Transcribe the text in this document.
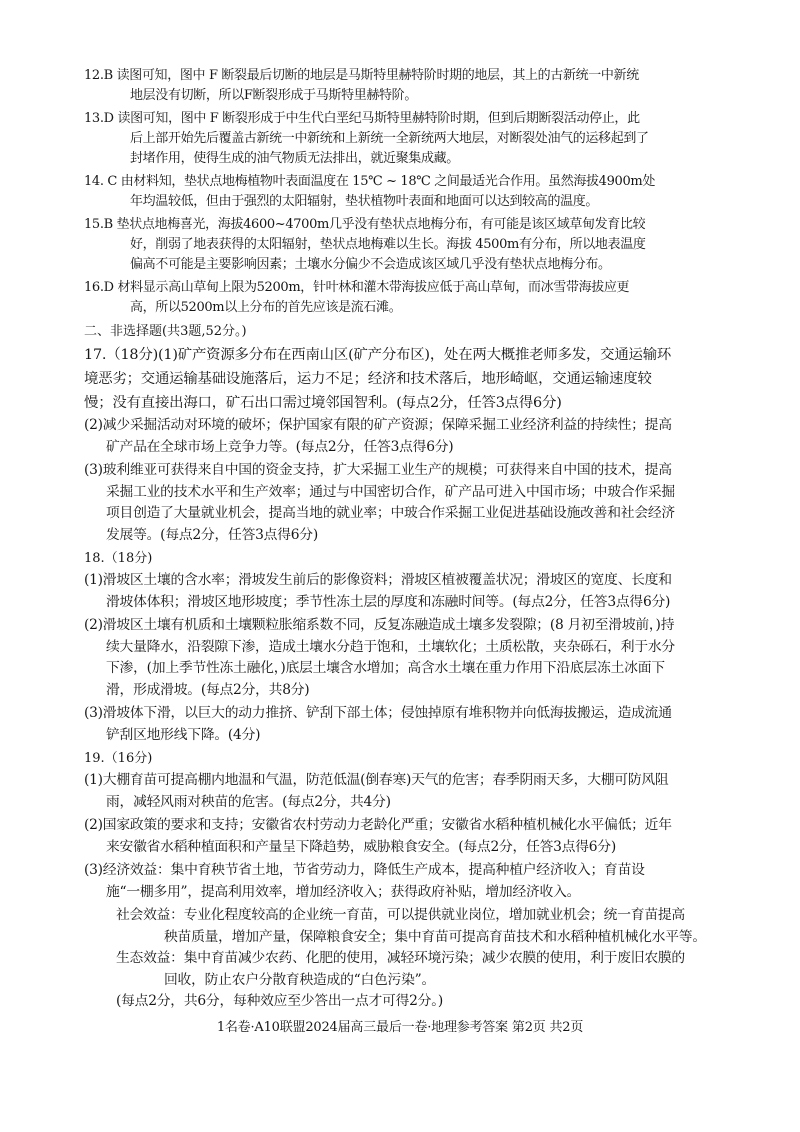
12.B 读图可知，图中 F 断裂最后切断的地层是马斯特里赫特阶时期的地层，其上的古新统一中新统
地层没有切断，所以F断裂形成于马斯特里赫特阶。
13.D 读图可知，图中 F 断裂形成于中生代白垩纪马斯特里赫特阶时期，但到后期断裂活动停止，此
后上部开始先后覆盖古新统一中新统和上新统一全新统两大地层，对断裂处油气的运移起到了
封堵作用，使得生成的油气物质无法排出，就近聚集成藏。
14. C 由材料知，垫状点地梅植物叶表面温度在 15℃ ~ 18℃ 之间最适光合作用。虽然海拔4900m处
年均温较低，但由于强烈的太阳辐射，垫状植物叶表面和地面可以达到较高的温度。
15.B 垫状点地梅喜光，海拔4600~4700m几乎没有垫状点地梅分布，有可能是该区域草甸发育比较
好，削弱了地表获得的太阳辐射，垫状点地梅难以生长。海拔 4500m有分布，所以地表温度
偏高不可能是主要影响因素；土壤水分偏少不会造成该区域几乎没有垫状点地梅分布。
16.D 材料显示高山草甸上限为5200m，针叶林和灌木带海拔应低于高山草甸，而冰雪带海拔应更
高，所以5200m以上分布的首先应该是流石滩。
二、非选择题(共3题,52分。)
17.（18分)(1)矿产资源多分布在西南山区(矿产分布区)，处在两大概推老师多发，交通运输环
境恶劣；交通运输基础设施落后，运力不足；经济和技术落后，地形崎岖，交通运输速度较
慢；没有直接出海口，矿石出口需过境邻国智利。(每点2分，任答3点得6分)
(2)减少采掘活动对环境的破坏；保护国家有限的矿产资源；保障采掘工业经济利益的持续性；提高
矿产品在全球市场上竞争力等。(每点2分，任答3点得6分)
(3)玻利维亚可获得来自中国的资金支持，扩大采掘工业生产的规模；可获得来自中国的技术，提高
采掘工业的技术水平和生产效率；通过与中国密切合作，矿产品可进入中国市场；中玻合作采掘
项目创造了大量就业机会，提高当地的就业率；中玻合作采掘工业促进基础设施改善和社会经济
发展等。(每点2分，任答3点得6分)
18.（18分)
(1)滑坡区土壤的含水率；滑坡发生前后的影像资料；滑坡区植被覆盖状况；滑坡区的宽度、长度和
滑坡体体积；滑坡区地形坡度；季节性冻土层的厚度和冻融时间等。(每点2分，任答3点得6分)
(2)滑坡区土壤有机质和土壤颗粒胀缩系数不同，反复冻融造成土壤多发裂隙；(8 月初至滑坡前，)持
续大量降水，沿裂隙下渗，造成土壤水分趋于饱和，土壤软化；土质松散，夹杂砾石，利于水分
下渗，(加上季节性冻土融化，)底层土壤含水增加；高含水土壤在重力作用下沿底层冻土冰面下
滑，形成滑坡。(每点2分，共8分)
(3)滑坡体下滑，以巨大的动力推挤、铲刮下部土体；侵蚀掉原有堆积物并向低海拔搬运，造成流通
铲刮区地形线下降。(4分)
19.（16分)
(1)大棚育苗可提高棚内地温和气温，防范低温(倒春寒)天气的危害；春季阴雨天多，大棚可防风阻
雨，减轻风雨对秧苗的危害。(每点2分，共4分)
(2)国家政策的要求和支持；安徽省农村劳动力老龄化严重；安徽省水稻种植机械化水平偏低；近年
来安徽省水稻种植面积和产量呈下降趋势，威胁粮食安全。(每点2分，任答3点得6分)
(3)经济效益：集中育秧节省土地，节省劳动力，降低生产成本，提高种植户经济收入；育苗设
施“一棚多用”，提高利用效率，增加经济收入；获得政府补贴，增加经济收入。
社会效益：专业化程度较高的企业统一育苗，可以提供就业岗位，增加就业机会；统一育苗提高
秧苗质量，增加产量，保障粮食安全；集中育苗可提高育苗技术和水稻种植机械化水平等。
生态效益：集中育苗减少农药、化肥的使用，减轻环境污染；减少农膜的使用，利于废旧农膜的
回收，防止农户分散育秧造成的“白色污染”。
(每点2分，共6分，每种效应至少答出一点才可得2分。)
1名卷·A10联盟2024届高三最后一卷·地理参考答案 第2页 共2页
